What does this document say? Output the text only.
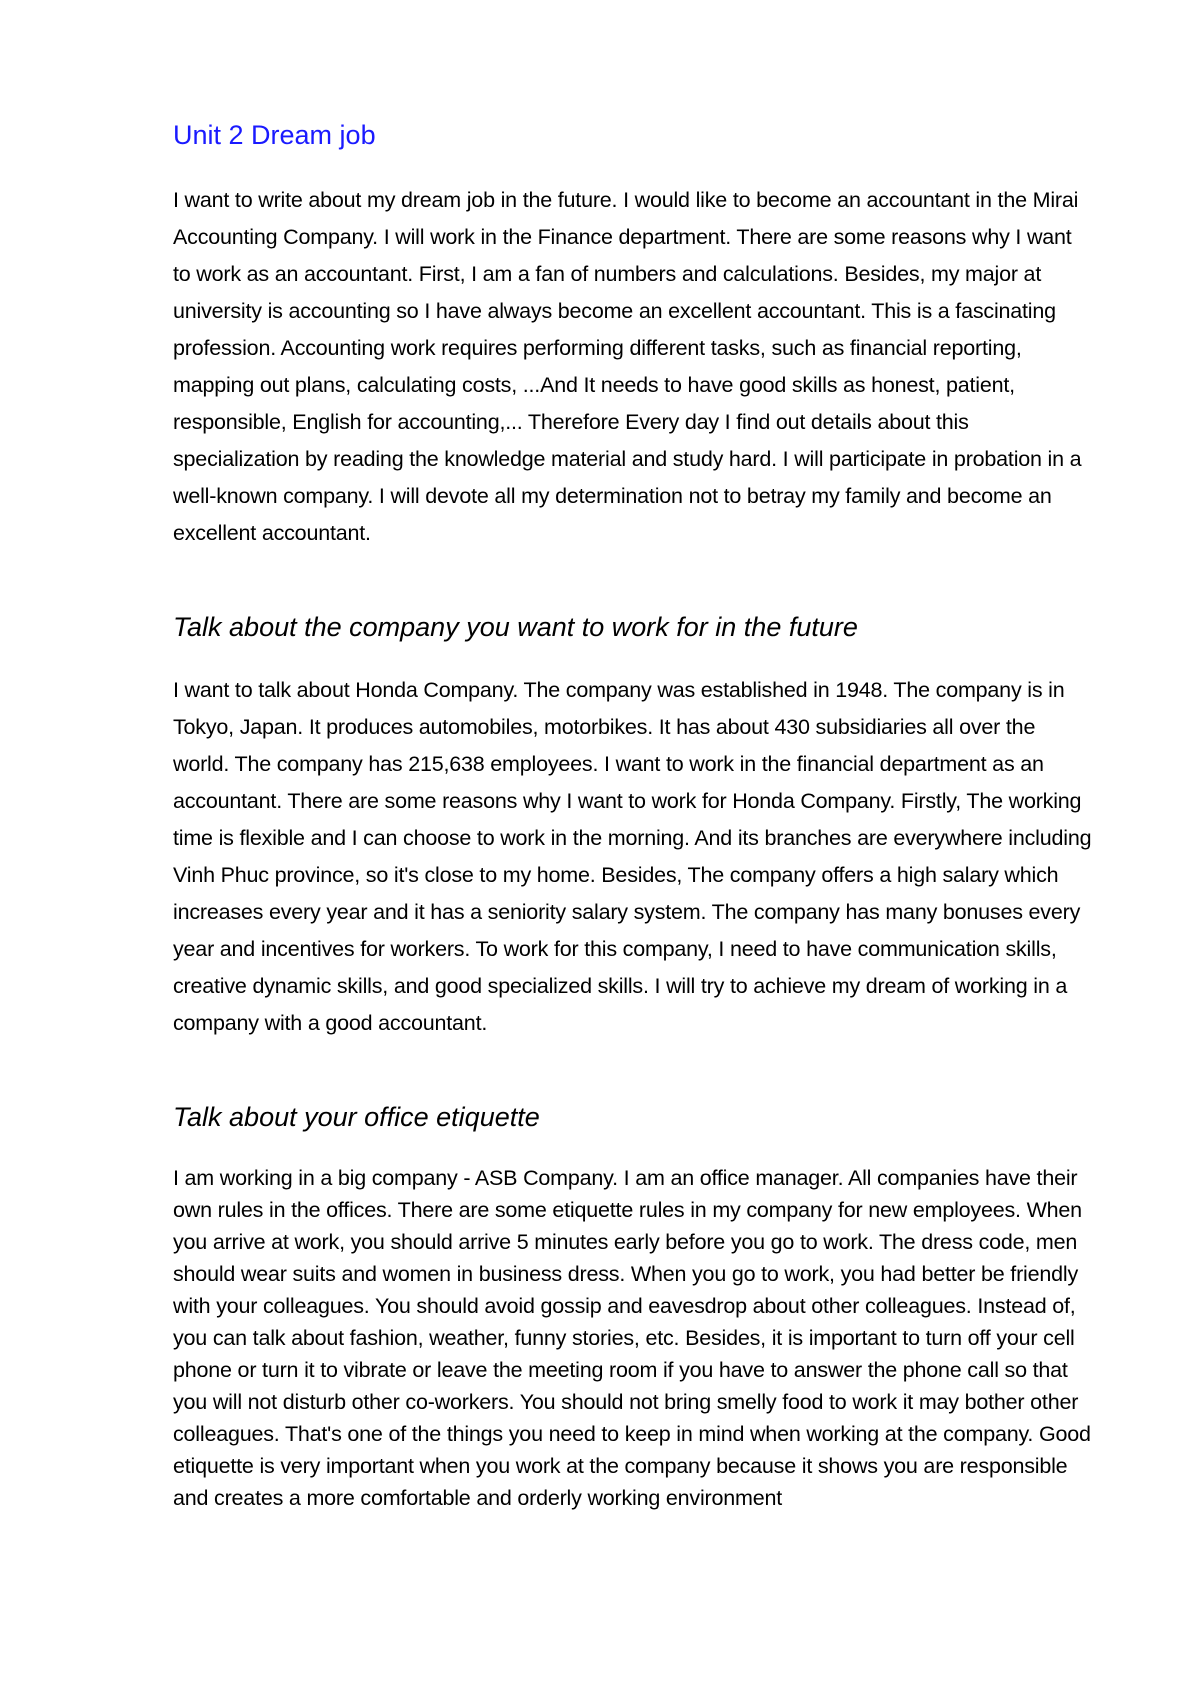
Unit 2 Dream job

I want to write about my dream job in the future. I would like to become an accountant in the Mirai Accounting Company. I will work in the Finance department. There are some reasons why I want to work as an accountant. First, I am a fan of numbers and calculations. Besides, my major at university is accounting so I have always become an excellent accountant. This is a fascinating profession. Accounting work requires performing different tasks, such as financial reporting, mapping out plans, calculating costs, ...And It needs to have good skills as honest, patient, responsible, English for accounting,... Therefore Every day I find out details about this specialization by reading the knowledge material and study hard. I will participate in probation in a well-known company. I will devote all my determination not to betray my family and become an excellent accountant.

Talk about the company you want to work for in the future

I want to talk about Honda Company. The company was established in 1948. The company is in Tokyo, Japan. It produces automobiles, motorbikes. It has about 430 subsidiaries all over the world. The company has 215,638 employees. I want to work in the financial department as an accountant. There are some reasons why I want to work for Honda Company. Firstly, The working time is flexible and I can choose to work in the morning. And its branches are everywhere including Vinh Phuc province, so it's close to my home. Besides, The company offers a high salary which increases every year and it has a seniority salary system. The company has many bonuses every year and incentives for workers. To work for this company, I need to have communication skills, creative dynamic skills, and good specialized skills. I will try to achieve my dream of working in a company with a good accountant.

Talk about your office etiquette

I am working in a big company - ASB Company. I am an office manager. All companies have their own rules in the offices. There are some etiquette rules in my company for new employees. When you arrive at work, you should arrive 5 minutes early before you go to work. The dress code, men should wear suits and women in business dress. When you go to work, you had better be friendly with your colleagues. You should avoid gossip and eavesdrop about other colleagues. Instead of, you can talk about fashion, weather, funny stories, etc. Besides, it is important to turn off your cell phone or turn it to vibrate or leave the meeting room if you have to answer the phone call so that you will not disturb other co-workers. You should not bring smelly food to work it may bother other colleagues. That's one of the things you need to keep in mind when working at the company. Good etiquette is very important when you work at the company because it shows you are responsible and creates a more comfortable and orderly working environment
